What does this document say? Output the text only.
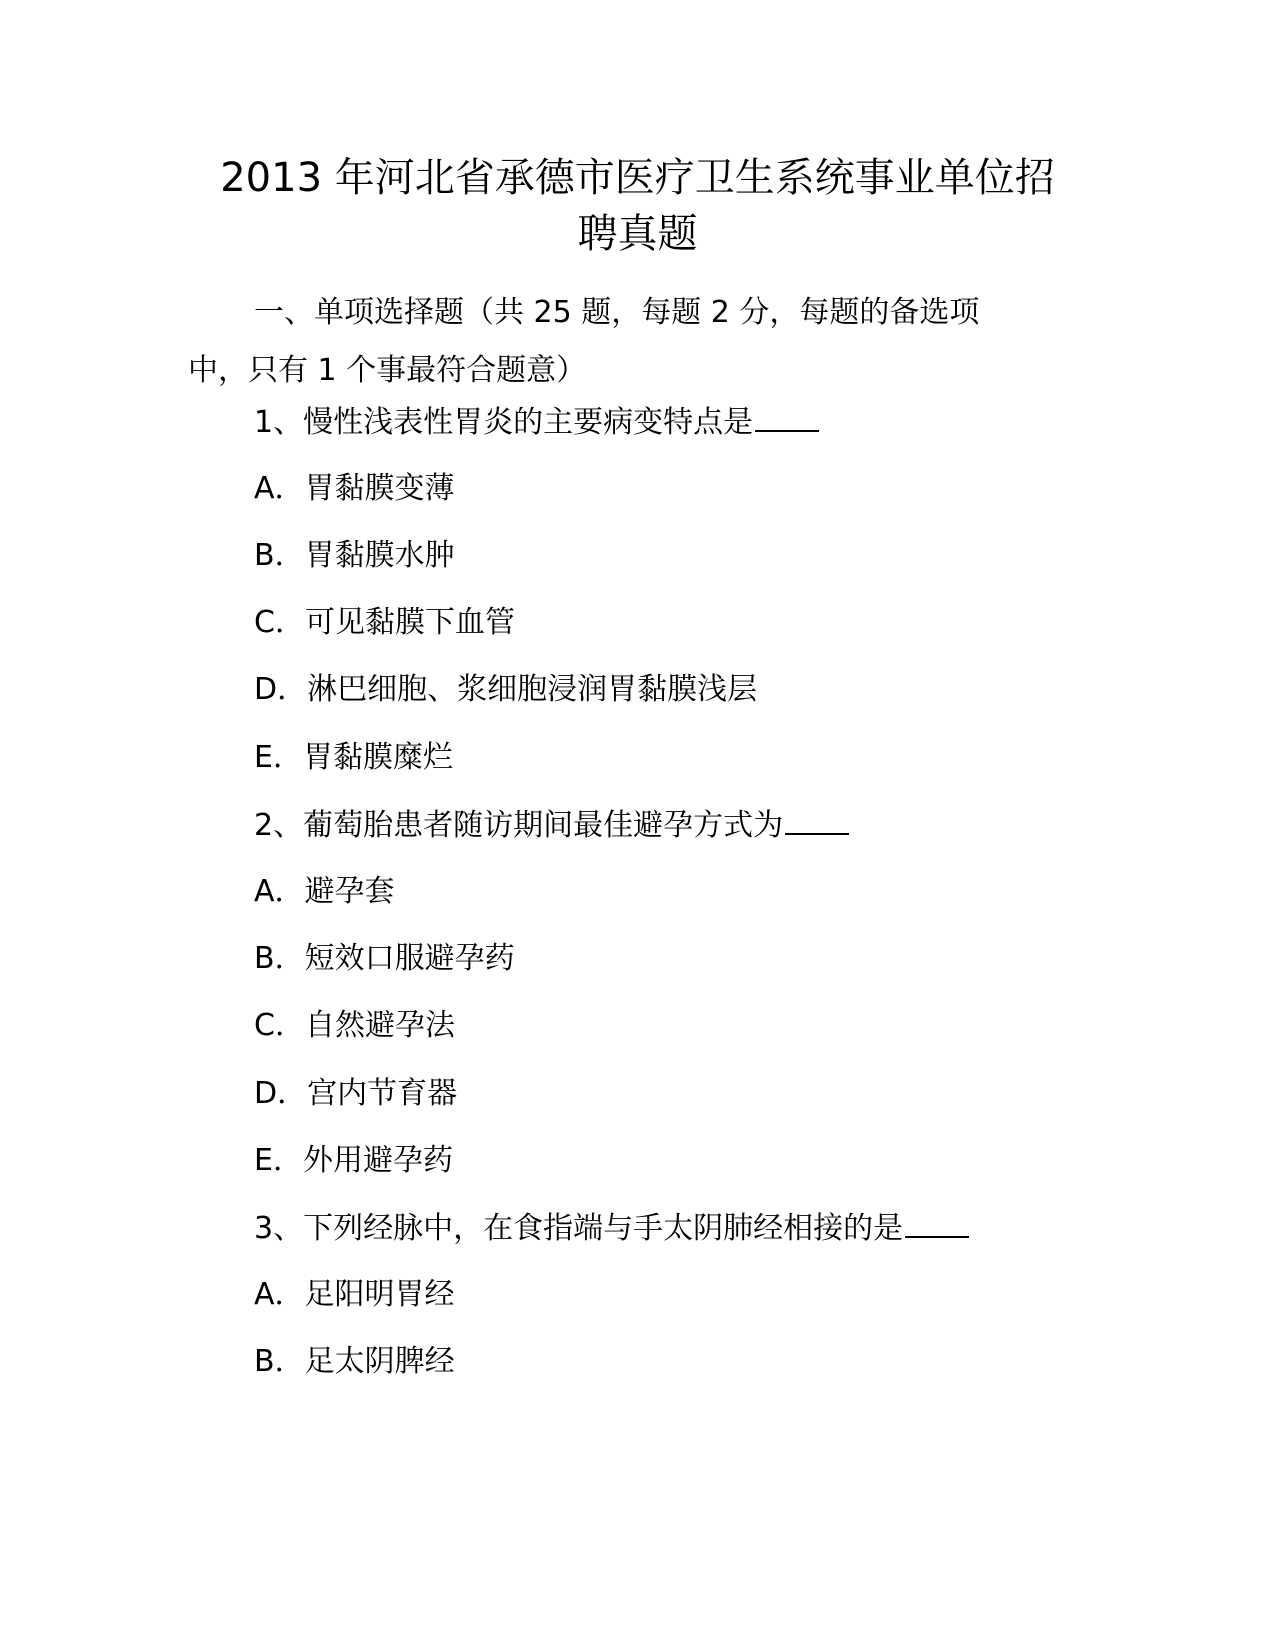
2013 年河北省承德市医疗卫生系统事业单位招
聘真题
一、单项选择题（共 25 题，每题 2 分，每题的备选项
中，只有 1 个事最符合题意）
1、慢性浅表性胃炎的主要病变特点是
A．胃黏膜变薄
B．胃黏膜水肿
C．可见黏膜下血管
D．淋巴细胞、浆细胞浸润胃黏膜浅层
E．胃黏膜糜烂
2、葡萄胎患者随访期间最佳避孕方式为
A．避孕套
B．短效口服避孕药
C．自然避孕法
D．宫内节育器
E．外用避孕药
3、下列经脉中，在食指端与手太阴肺经相接的是
A．足阳明胃经
B．足太阴脾经
